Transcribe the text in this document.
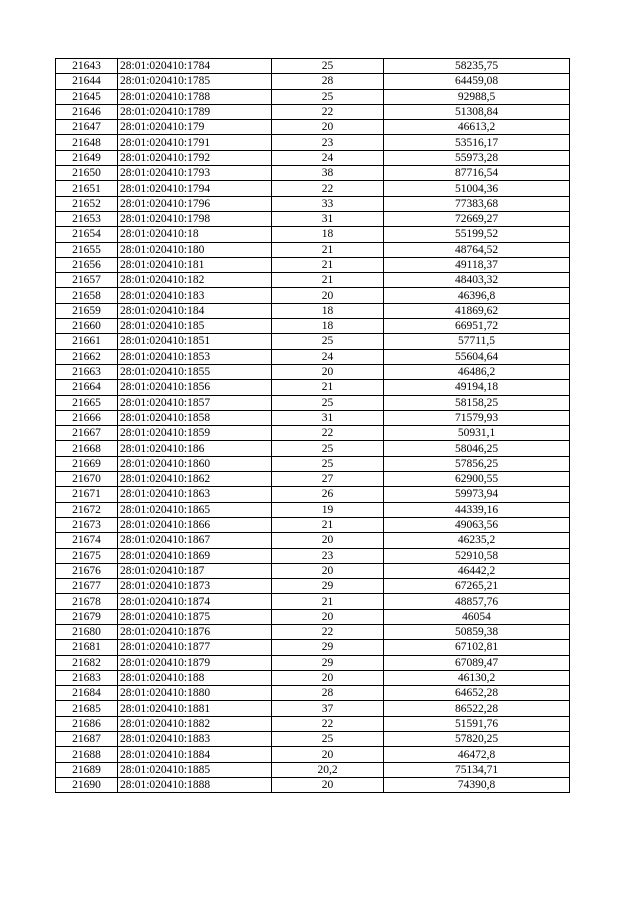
21643	28:01:020410:1784	25	58235,75
21644	28:01:020410:1785	28	64459,08
21645	28:01:020410:1788	25	92988,5
21646	28:01:020410:1789	22	51308,84
21647	28:01:020410:179	20	46613,2
21648	28:01:020410:1791	23	53516,17
21649	28:01:020410:1792	24	55973,28
21650	28:01:020410:1793	38	87716,54
21651	28:01:020410:1794	22	51004,36
21652	28:01:020410:1796	33	77383,68
21653	28:01:020410:1798	31	72669,27
21654	28:01:020410:18	18	55199,52
21655	28:01:020410:180	21	48764,52
21656	28:01:020410:181	21	49118,37
21657	28:01:020410:182	21	48403,32
21658	28:01:020410:183	20	46396,8
21659	28:01:020410:184	18	41869,62
21660	28:01:020410:185	18	66951,72
21661	28:01:020410:1851	25	57711,5
21662	28:01:020410:1853	24	55604,64
21663	28:01:020410:1855	20	46486,2
21664	28:01:020410:1856	21	49194,18
21665	28:01:020410:1857	25	58158,25
21666	28:01:020410:1858	31	71579,93
21667	28:01:020410:1859	22	50931,1
21668	28:01:020410:186	25	58046,25
21669	28:01:020410:1860	25	57856,25
21670	28:01:020410:1862	27	62900,55
21671	28:01:020410:1863	26	59973,94
21672	28:01:020410:1865	19	44339,16
21673	28:01:020410:1866	21	49063,56
21674	28:01:020410:1867	20	46235,2
21675	28:01:020410:1869	23	52910,58
21676	28:01:020410:187	20	46442,2
21677	28:01:020410:1873	29	67265,21
21678	28:01:020410:1874	21	48857,76
21679	28:01:020410:1875	20	46054
21680	28:01:020410:1876	22	50859,38
21681	28:01:020410:1877	29	67102,81
21682	28:01:020410:1879	29	67089,47
21683	28:01:020410:188	20	46130,2
21684	28:01:020410:1880	28	64652,28
21685	28:01:020410:1881	37	86522,28
21686	28:01:020410:1882	22	51591,76
21687	28:01:020410:1883	25	57820,25
21688	28:01:020410:1884	20	46472,8
21689	28:01:020410:1885	20,2	75134,71
21690	28:01:020410:1888	20	74390,8
